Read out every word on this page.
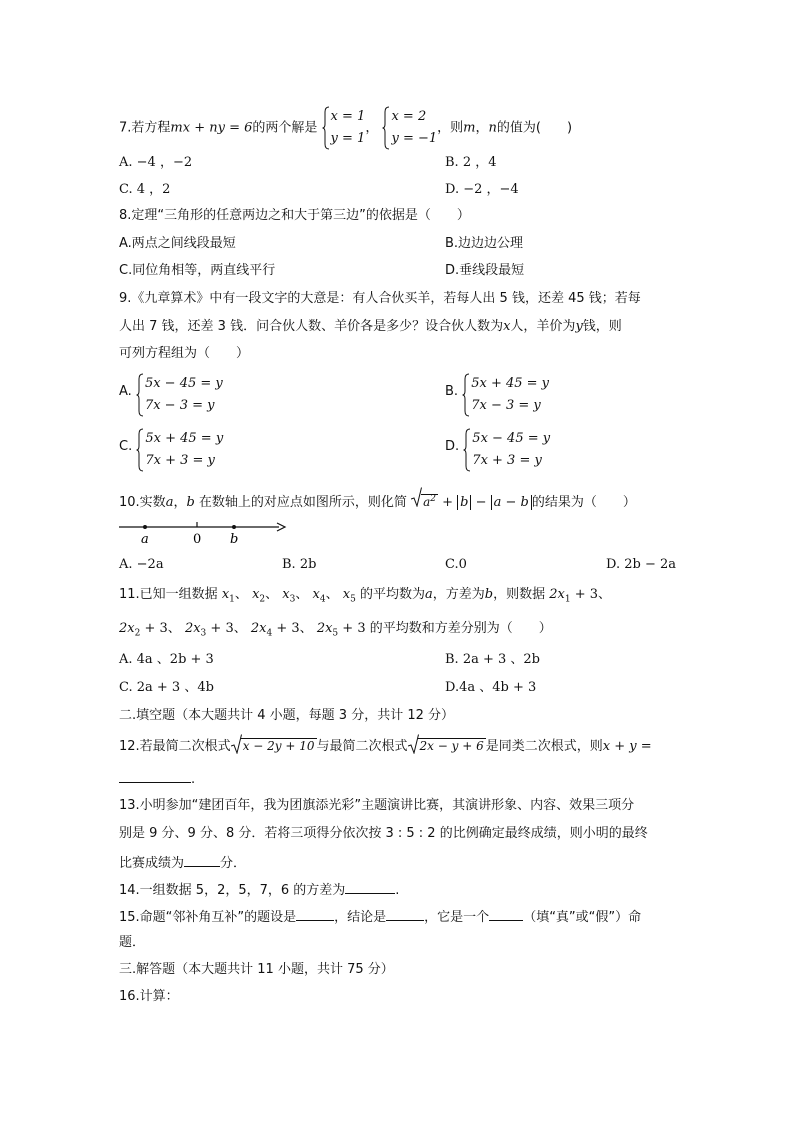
7.若方程mx + ny = 6的两个解是
x = 1
y = 1
，
x = 2
y = −1
，则m，n的值为(　　)
A. −4 ，−2	B. 2 ，4
C. 4 ，2	D. −2 ，−4
8.定理“三角形的任意两边之和大于第三边”的依据是（　　）
A.两点之间线段最短	B.边边边公理
C.同位角相等，两直线平行	D.垂线段最短
9.《九章算术》中有一段文字的大意是：有人合伙买羊，若每人出 5 钱，还差 45 钱；若每
人出 7 钱，还差 3 钱．问合伙人数、羊价各是多少？设合伙人数为x人，羊价为y钱，则
可列方程组为（　　）
A. 5x − 45 = y
7x − 3 = y
B. 5x + 45 = y
7x − 3 = y
C. 5x + 45 = y
7x + 3 = y
D. 5x − 45 = y
7x + 3 = y
10.实数a，b 在数轴上的对应点如图所示，则化简 $a^2 + b - a - b$ 的结果为（　　）
a	0 b
A. −2a	B. 2b	C.0	D. 2b − 2a
11.已知一组数据 $x_1$、 $x_2$、 $x_3$、 $x_4$、 $x_5$ 的平均数为a，方差为b，则数据 $2x_1 + 3$、
$2x_2 + 3$、 $2x_3 + 3$、 $2x_4 + 3$、 $2x_5 + 3$ 的平均数和方差分别为（　　）
A. 4a 、2b + 3	B. 2a + 3 、2b
C. 2a + 3 、4b	D.4a 、4b + 3
二.填空题（本大题共计 4 小题，每题 3 分，共计 12 分）
12.若最简二次根式 x − 2y + 10 与最简二次根式 2x − y + 6 是同类二次根式，则x + y =
.
13.小明参加“建团百年，我为团旗添光彩”主题演讲比赛，其演讲形象、内容、效果三项分
别是 9 分、9 分、8 分．若将三项得分依次按 3 : 5 : 2 的比例确定最终成绩，则小明的最终
比赛成绩为	分．
14.一组数据 5，2，5，7，6 的方差为	.
15.命题“邻补角互补”的题设是	，结论是	，它是一个	（填“真”或“假”）命
题．
三.解答题（本大题共计 11 小题，共计 75 分）
16.计算：
